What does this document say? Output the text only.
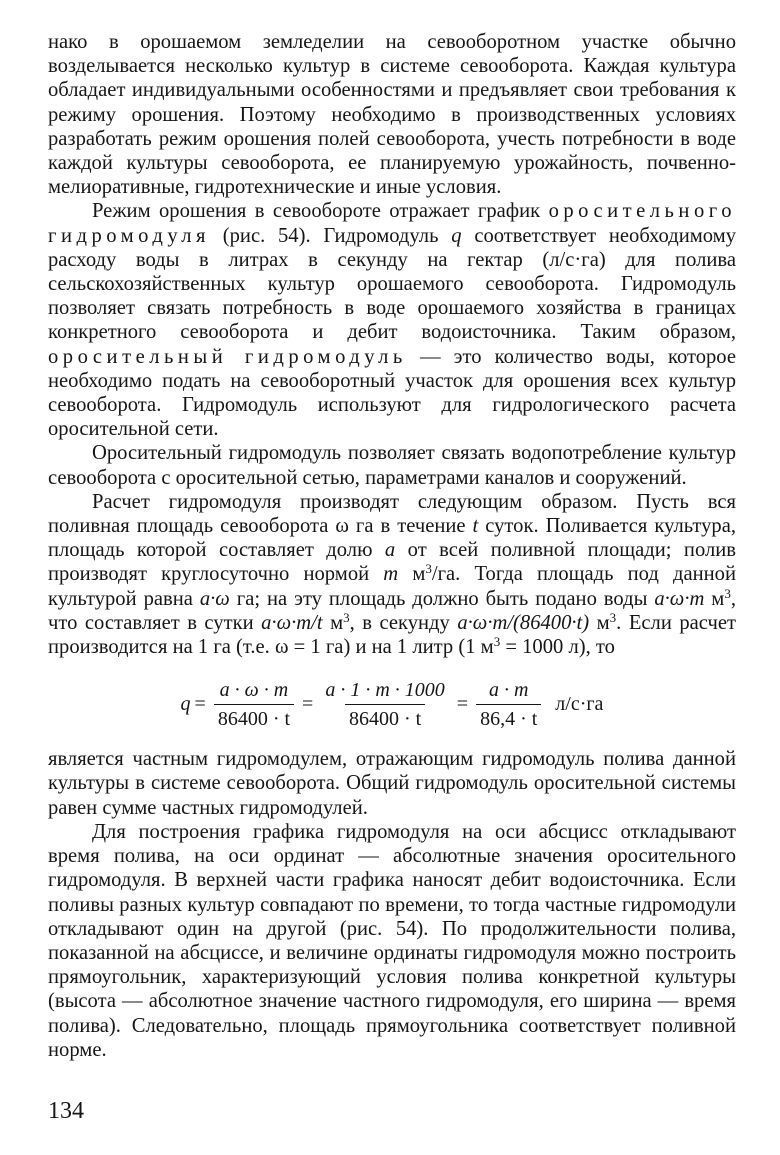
нако в орошаемом земледелии на севооборотном участке обычно возделывается несколько культур в системе севооборота. Каждая культура обладает индивидуальными особенностями и предъявляет свои требования к режиму орошения. Поэтому необходимо в производственных условиях разработать режим орошения полей севооборота, учесть потребности в воде каждой культуры севооборота, ее планируемую урожайность, почвенно-мелиоративные, гидротехнические и иные условия.

Режим орошения в севообороте отражает график оросительного гидромодуля (рис. 54). Гидромодуль q соответствует необходимому расходу воды в литрах в секунду на гектар (л/с·га) для полива сельскохозяйственных культур орошаемого севооборота. Гидромодуль позволяет связать потребность в воде орошаемого хозяйства в границах конкретного севооборота и дебит водоисточника. Таким образом, оросительный гидромодуль — это количество воды, которое необходимо подать на севооборотный участок для орошения всех культур севооборота. Гидромодуль используют для гидрологического расчета оросительной сети.

Оросительный гидромодуль позволяет связать водопотребление культур севооборота с оросительной сетью, параметрами каналов и сооружений.

Расчет гидромодуля производят следующим образом. Пусть вся поливная площадь севооборота ω га в течение t суток. Поливается культура, площадь которой составляет долю a от всей поливной площади; полив производят круглосуточно нормой m $м^3/га$. Тогда площадь под данной культурой равна a·ω га; на эту площадь должно быть подано воды a·ω·m $м^3$, что составляет в сутки a·ω·m/t $м^3$, в секунду a·ω·m/(86400·t) $м^3$. Если расчет производится на 1 га (т.е. ω = 1 га) и на 1 литр (1 $м^3 = 1000$ л), то

$q = \frac{a \cdot \omega \cdot m}{86400 \cdot t} = \frac{a \cdot 1 \cdot m \cdot 1000}{86400 \cdot t} = \frac{a \cdot m}{86,4 \cdot t} л/с\cdot га$

является частным гидромодулем, отражающим гидромодуль полива данной культуры в системе севооборота. Общий гидромодуль оросительной системы равен сумме частных гидромодулей.

Для построения графика гидромодуля на оси абсцисс откладывают время полива, на оси ординат — абсолютные значения оросительного гидромодуля. В верхней части графика наносят дебит водоисточника. Если поливы разных культур совпадают по времени, то тогда частные гидромодули откладывают один на другой (рис. 54). По продолжительности полива, показанной на абсциссе, и величине ординаты гидромодуля можно построить прямоугольник, характеризующий условия полива конкретной культуры (высота — абсолютное значение частного гидромодуля, его ширина — время полива). Следовательно, площадь прямоугольника соответствует поливной норме.

134
